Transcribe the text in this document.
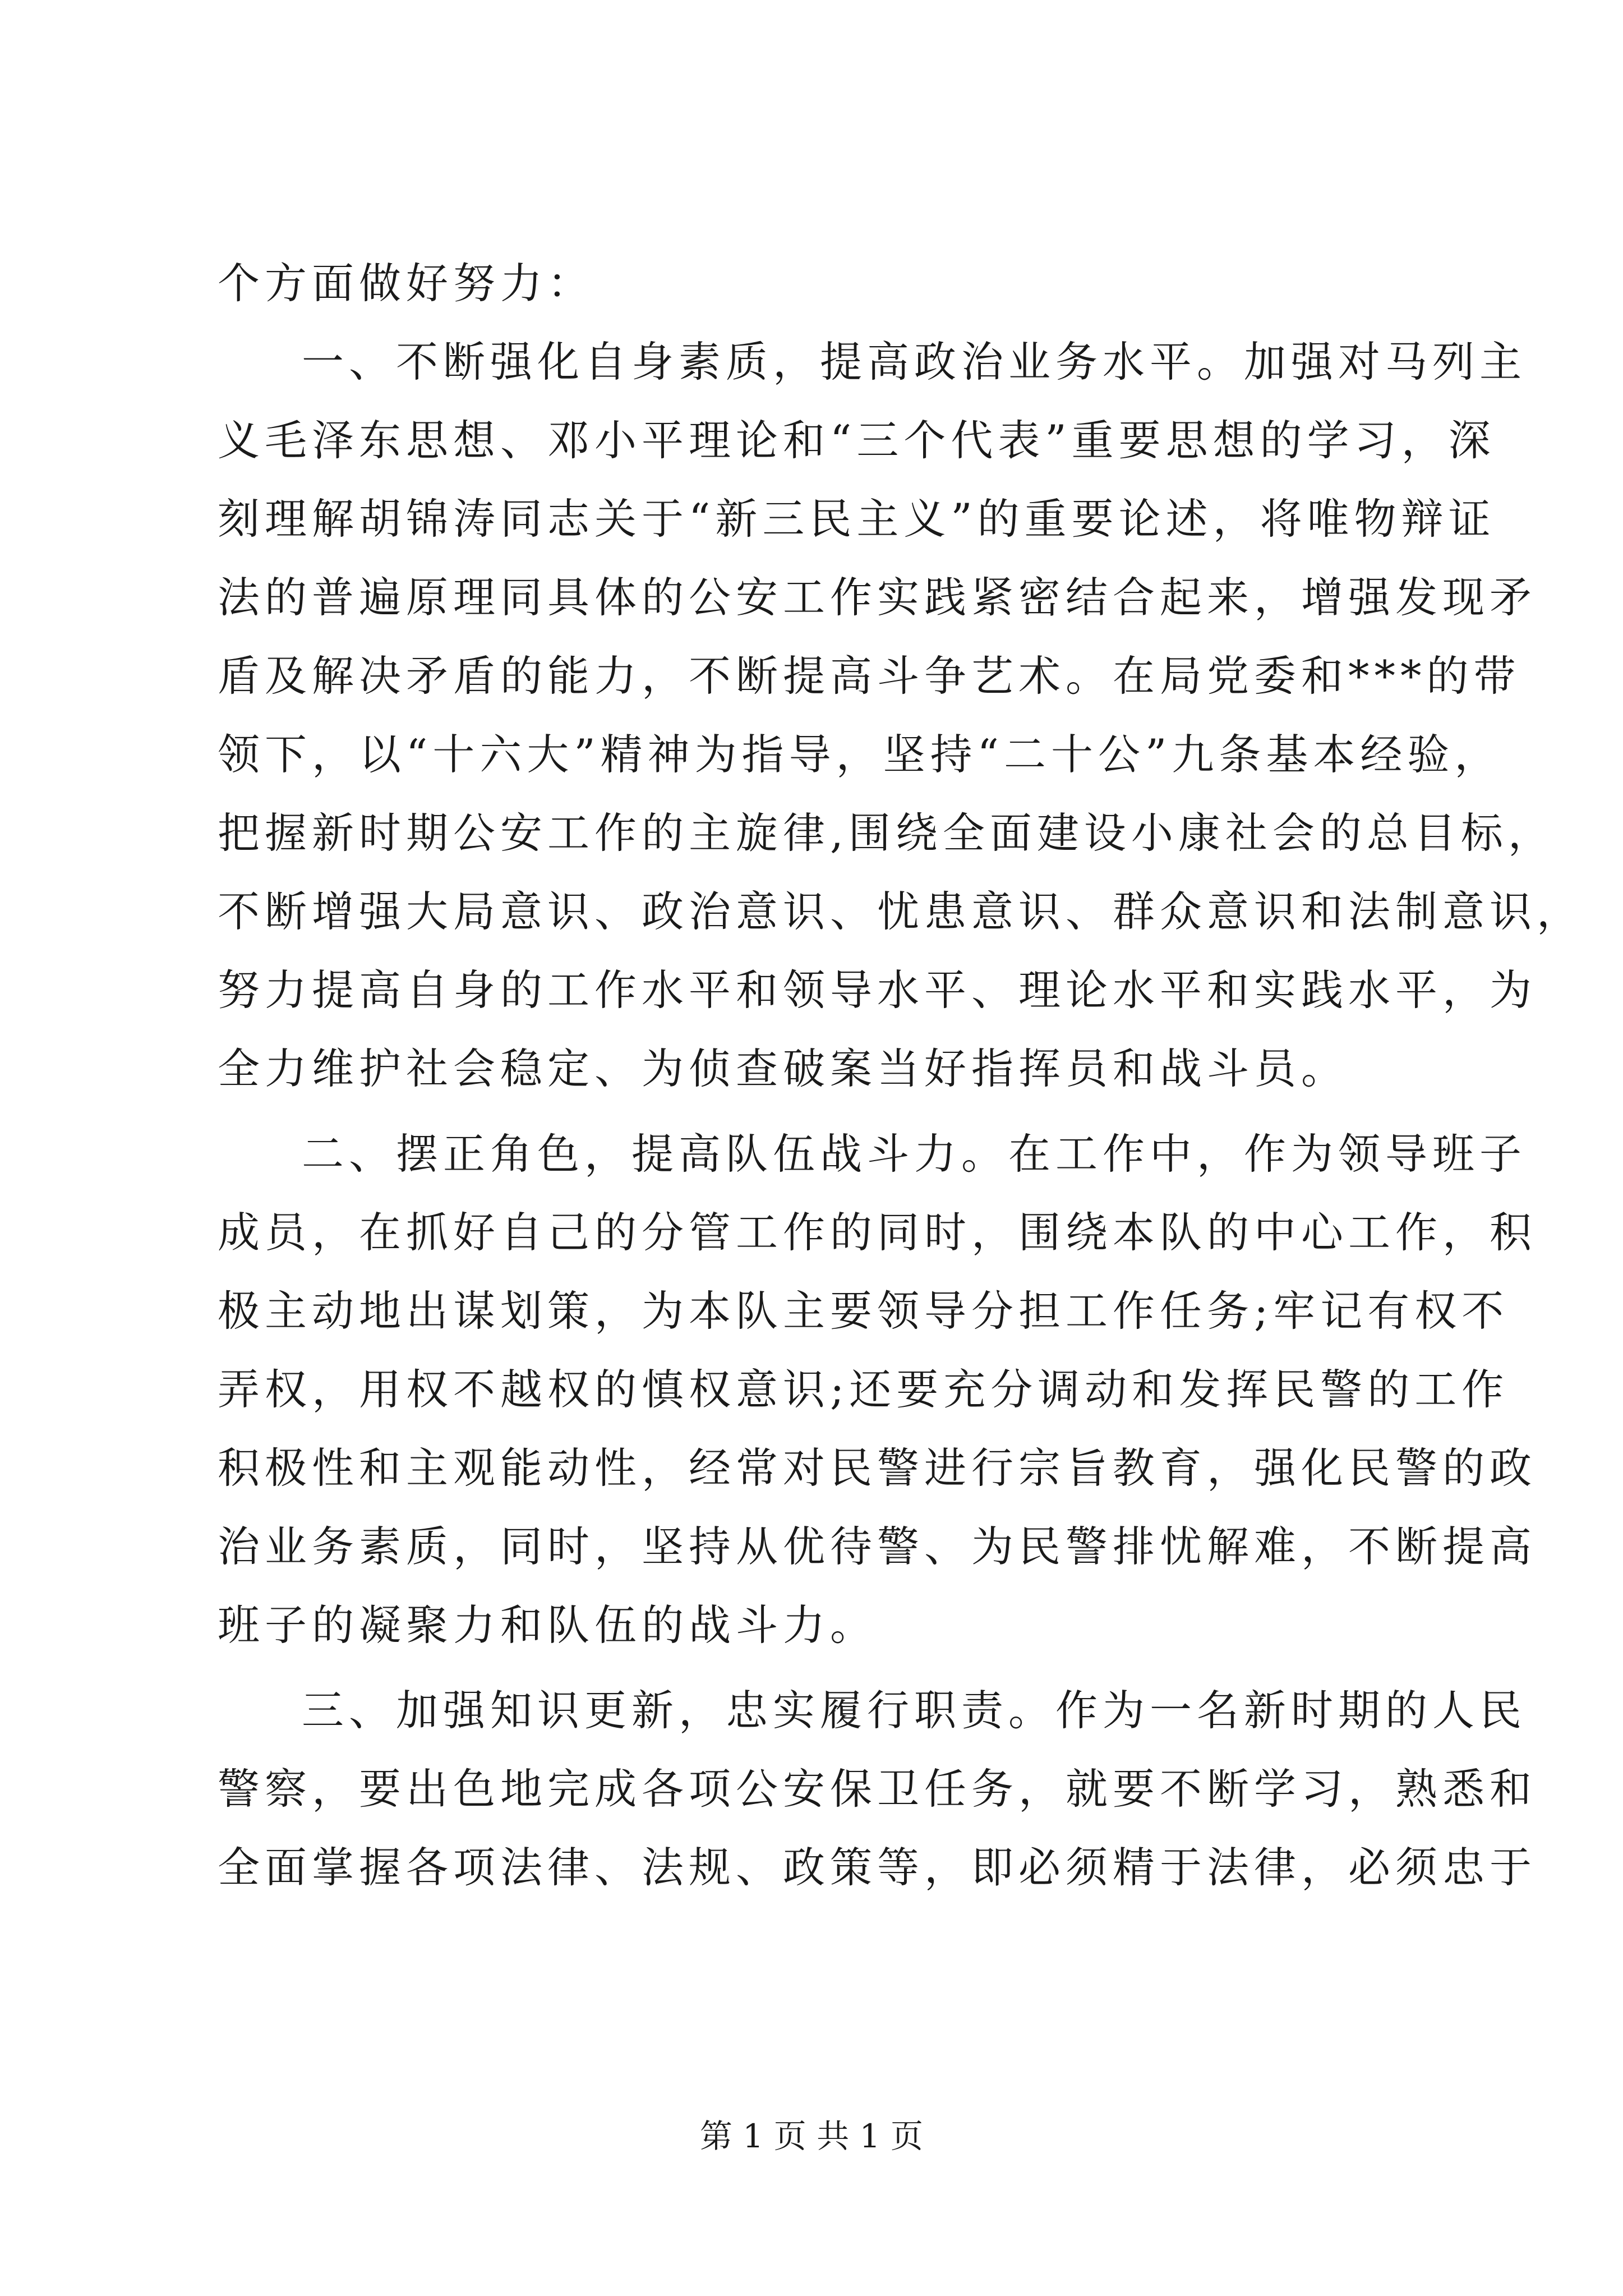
个方面做好努力：
一、不断强化自身素质，提高政治业务水平。加强对马列主
义毛泽东思想、邓小平理论和“三个代表”重要思想的学习，深
刻理解胡锦涛同志关于“新三民主义”的重要论述，将唯物辩证
法的普遍原理同具体的公安工作实践紧密结合起来，增强发现矛
盾及解决矛盾的能力，不断提高斗争艺术。在局党委和***的带
领下，以“十六大”精神为指导，坚持“二十公”九条基本经验，
把握新时期公安工作的主旋律,围绕全面建设小康社会的总目标，
不断增强大局意识、政治意识、忧患意识、群众意识和法制意识，
努力提高自身的工作水平和领导水平、理论水平和实践水平，为
全力维护社会稳定、为侦查破案当好指挥员和战斗员。
二、摆正角色，提高队伍战斗力。在工作中，作为领导班子
成员，在抓好自己的分管工作的同时，围绕本队的中心工作，积
极主动地出谋划策，为本队主要领导分担工作任务;牢记有权不
弄权，用权不越权的慎权意识;还要充分调动和发挥民警的工作
积极性和主观能动性，经常对民警进行宗旨教育，强化民警的政
治业务素质，同时，坚持从优待警、为民警排忧解难，不断提高
班子的凝聚力和队伍的战斗力。
三、加强知识更新，忠实履行职责。作为一名新时期的人民
警察，要出色地完成各项公安保卫任务，就要不断学习，熟悉和
全面掌握各项法律、法规、政策等，即必须精于法律，必须忠于
第 1 页 共 1 页
